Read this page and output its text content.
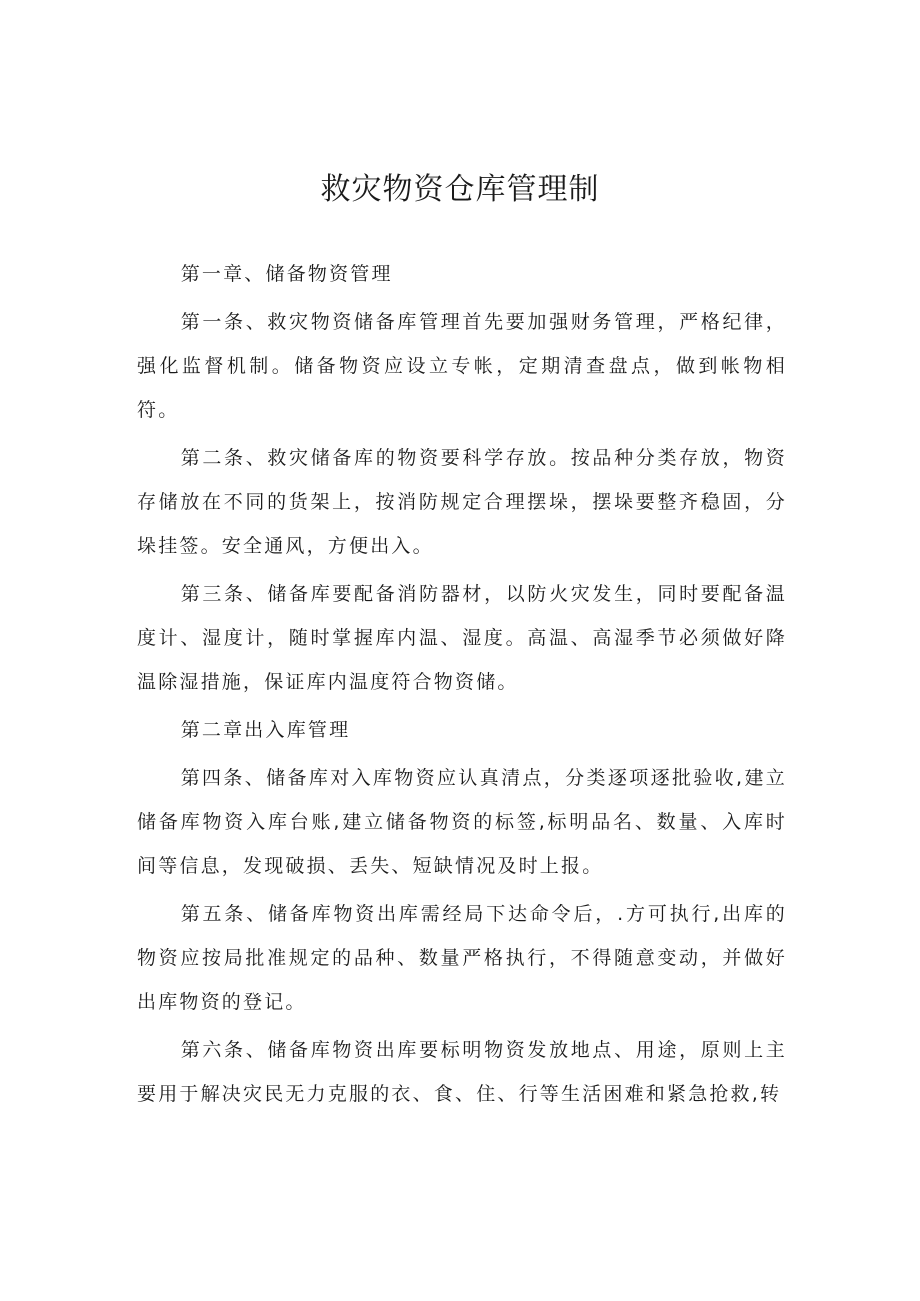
救灾物资仓库管理制

第一章、储备物资管理

第一条、救灾物资储备库管理首先要加强财务管理，严格纪律，强化监督机制。储备物资应设立专帐，定期清查盘点，做到帐物相符。

第二条、救灾储备库的物资要科学存放。按品种分类存放，物资存储放在不同的货架上，按消防规定合理摆垛，摆垛要整齐稳固，分垛挂签。安全通风，方便出入。

第三条、储备库要配备消防器材，以防火灾发生，同时要配备温度计、湿度计，随时掌握库内温、湿度。高温、高湿季节必须做好降温除湿措施，保证库内温度符合物资储。

第二章出入库管理

第四条、储备库对入库物资应认真清点，分类逐项逐批验收,建立储备库物资入库台账,建立储备物资的标签,标明品名、数量、入库时间等信息，发现破损、丢失、短缺情况及时上报。

第五条、储备库物资出库需经局下达命令后，.方可执行,出库的物资应按局批准规定的品种、数量严格执行，不得随意变动，并做好出库物资的登记。

第六条、储备库物资出库要标明物资发放地点、用途，原则上主要用于解决灾民无力克服的衣、食、住、行等生活困难和紧急抢救,转
